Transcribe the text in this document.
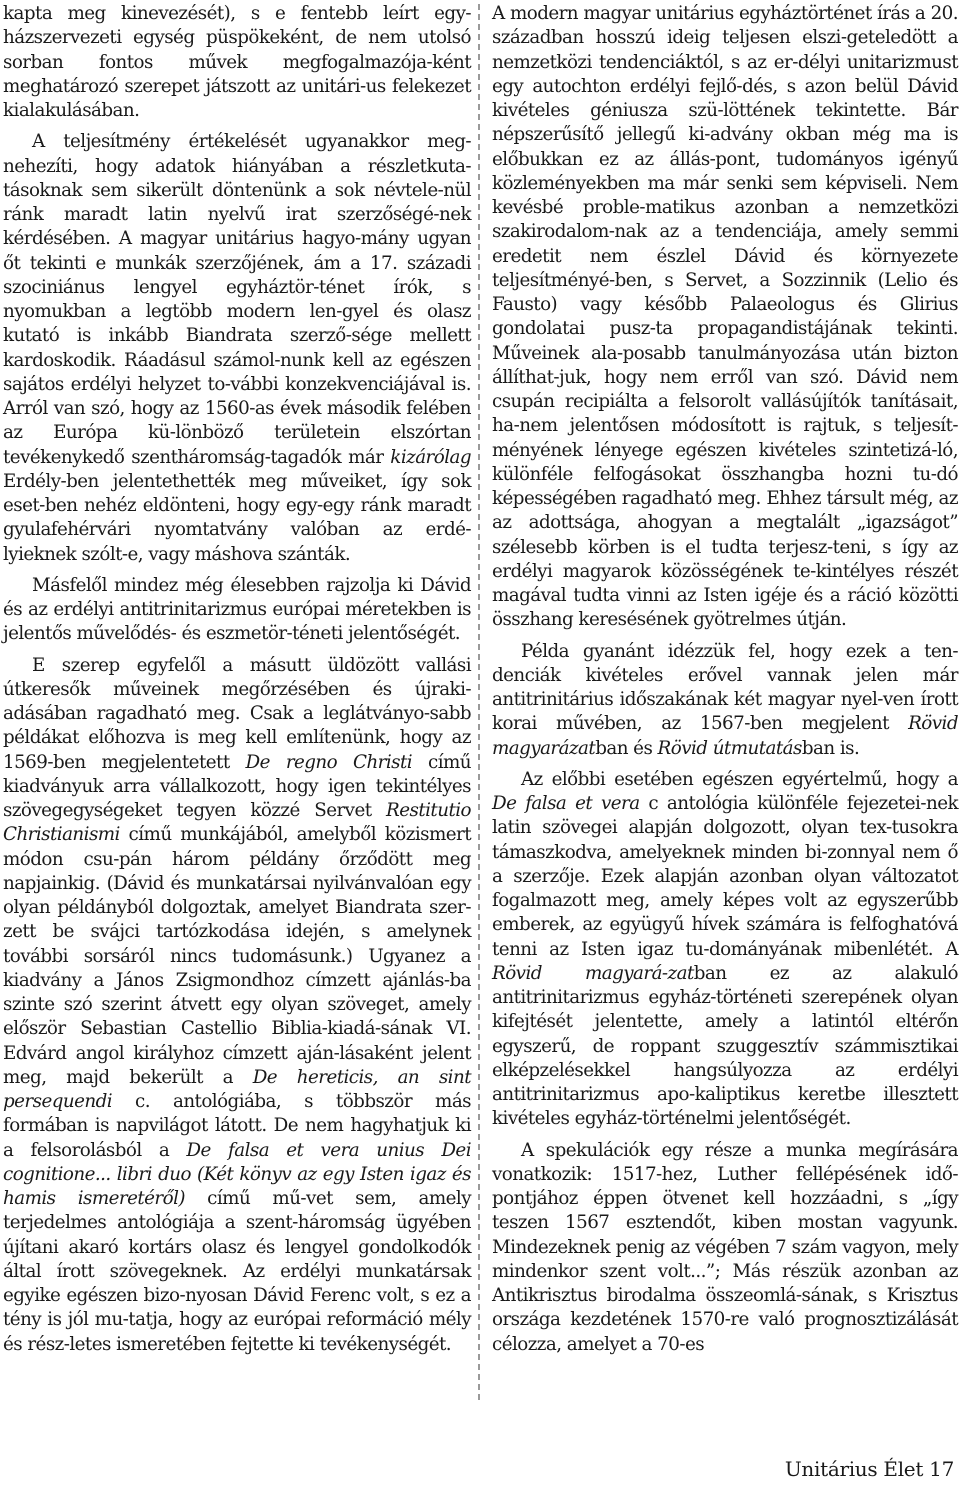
kapta meg kinevezését), s e fentebb leírt egy-házszervezeti egység püspökeként, de nem utolsó sorban fontos művek megfogalmazója-ként meghatározó szerepet játszott az unitári-us felekezet kialakulásában.

A teljesítmény értékelését ugyanakkor meg-nehezíti, hogy adatok hiányában a részletkuta-tásoknak sem sikerült döntenünk a sok névtele-nül ránk maradt latin nyelvű irat szerzőségé-nek kérdésében. A magyar unitárius hagyo-mány ugyan őt tekinti e munkák szerzőjének, ám a 17. századi szociniánus lengyel egyháztör-ténet írók, s nyomukban a legtöbb modern len-gyel és olasz kutató is inkább Biandrata szerző-sége mellett kardoskodik. Ráadásul számol-nunk kell az egészen sajátos erdélyi helyzet to-vábbi konzekvenciájával is. Arról van szó, hogy az 1560-as évek második felében az Európa kü-lönböző területein elszórtan tevékenykedő szentháromság-tagadók már kizárólag Erdély-ben jelentethették meg műveiket, így sok eset-ben nehéz eldönteni, hogy egy-egy ránk maradt gyulafehérvári nyomtatvány valóban az erdé-lyieknek szólt-e, vagy máshova szánták.

Másfelől mindez még élesebben rajzolja ki Dávid és az erdélyi antitrinitarizmus európai méretekben is jelentős művelődés- és eszmetör-téneti jelentőségét.

E szerep egyfelől a másutt üldözött vallási útkeresők műveinek megőrzésében és újraki-adásában ragadható meg. Csak a leglátványo-sabb példákat előhozva is meg kell említenünk, hogy az 1569-ben megjelentetett De regno Christi című kiadványuk arra vállalkozott, hogy igen tekintélyes szövegegységeket tegyen közzé Servet Restitutio Christianismi című munkájából, amelyből közismert módon csu-pán három példány őrződött meg napjainkig. (Dávid és munkatársai nyilvánvalóan egy olyan példányból dolgoztak, amelyet Biandrata szer-zett be svájci tartózkodása idején, s amelynek további sorsáról nincs tudomásunk.) Ugyanez a kiadvány a János Zsigmondhoz címzett ajánlás-ba szinte szó szerint átvett egy olyan szöveget, amely először Sebastian Castellio Biblia-kiadá-sának VI. Edvárd angol királyhoz címzett aján-lásaként jelent meg, majd bekerült a De hereticis, an sint persequendi c. antológiába, s többször más formában is napvilágot látott. De nem hagyhatjuk ki a felsorolásból a De falsa et vera unius Dei cognitione... libri duo (Két könyv az egy Isten igaz és hamis ismeretéről) című mű-vet sem, amely terjedelmes antológiája a szent-háromság ügyében újítani akaró kortárs olasz és lengyel gondolkodók által írott szövegeknek. Az erdélyi munkatársak egyike egészen bizo-nyosan Dávid Ferenc volt, s ez a tény is jól mu-tatja, hogy az európai reformáció mély és rész-letes ismeretében fejtette ki tevékenységét.

A modern magyar unitárius egyháztörténet írás a 20. században hosszú ideig teljesen elszi-geteledött a nemzetközi tendenciáktól, s az er-délyi unitarizmust egy autochton erdélyi fejlő-dés, s azon belül Dávid kivételes géniusza szü-löttének tekintette. Bár népszerűsítő jellegű ki-advány okban még ma is előbukkan ez az állás-pont, tudományos igényű közleményekben ma már senki sem képviseli. Nem kevésbé proble-matikus azonban a nemzetközi szakirodalom-nak az a tendenciája, amely semmi eredetit nem észlel Dávid és környezete teljesítményé-ben, s Servet, a Sozzinnik (Lelio és Fausto) vagy később Palaeologus és Glirius gondolatai pusz-ta propagandistájának tekinti. Műveinek ala-posabb tanulmányozása után bizton állíthat-juk, hogy nem erről van szó. Dávid nem csupán recipiálta a felsorolt vallásújítók tanításait, ha-nem jelentősen módosított is rajtuk, s teljesít-ményének lényege egészen kivételes szintetizá-ló, különféle felfogásokat összhangba hozni tu-dó képességében ragadható meg. Ehhez társult még, az az adottsága, ahogyan a megtalált „igazságot” szélesebb körben is el tudta terjesz-teni, s így az erdélyi magyarok közösségének te-kintélyes részét magával tudta vinni az Isten igéje és a ráció közötti összhang keresésének gyötrelmes útján.

Példa gyanánt idézzük fel, hogy ezek a ten-denciák kivételes erővel vannak jelen már antitrinitárius időszakának két magyar nyel-ven írott korai művében, az 1567-ben megjelent Rövid magyarázatban és Rövid útmutatásban is.

Az előbbi esetében egészen egyértelmű, hogy a De falsa et vera c antológia különféle fejezetei-nek latin szövegei alapján dolgozott, olyan tex-tusokra támaszkodva, amelyeknek minden bi-zonnyal nem ő a szerzője. Ezek alapján azonban olyan változatot fogalmazott meg, amely képes volt az egyszerűbb emberek, az együgyű hívek számára is felfoghatóvá tenni az Isten igaz tu-dományának mibenlétét. A Rövid magyará-zatban ez az alakuló antitrinitarizmus egyház-történeti szerepének olyan kifejtését jelentette, amely a latintól eltérőn egyszerű, de roppant szuggesztív számmisztikai elképzelésekkel hangsúlyozza az erdélyi antitrinitarizmus apo-kaliptikus keretbe illesztett kivételes egyház-történelmi jelentőségét.

A spekulációk egy része a munka megírására vonatkozik: 1517-hez, Luther fellépésének idő-pontjához éppen ötvenet kell hozzáadni, s „így teszen 1567 esztendőt, kiben mostan vagyunk. Mindezeknek penig az végében 7 szám vagyon, mely mindenkor szent volt...”; Más részük azonban az Antikrisztus birodalma összeomlá-sának, s Krisztus országa kezdetének 1570-re való prognosztizálását célozza, amelyet a 70-es

Unitárius Élet 17
